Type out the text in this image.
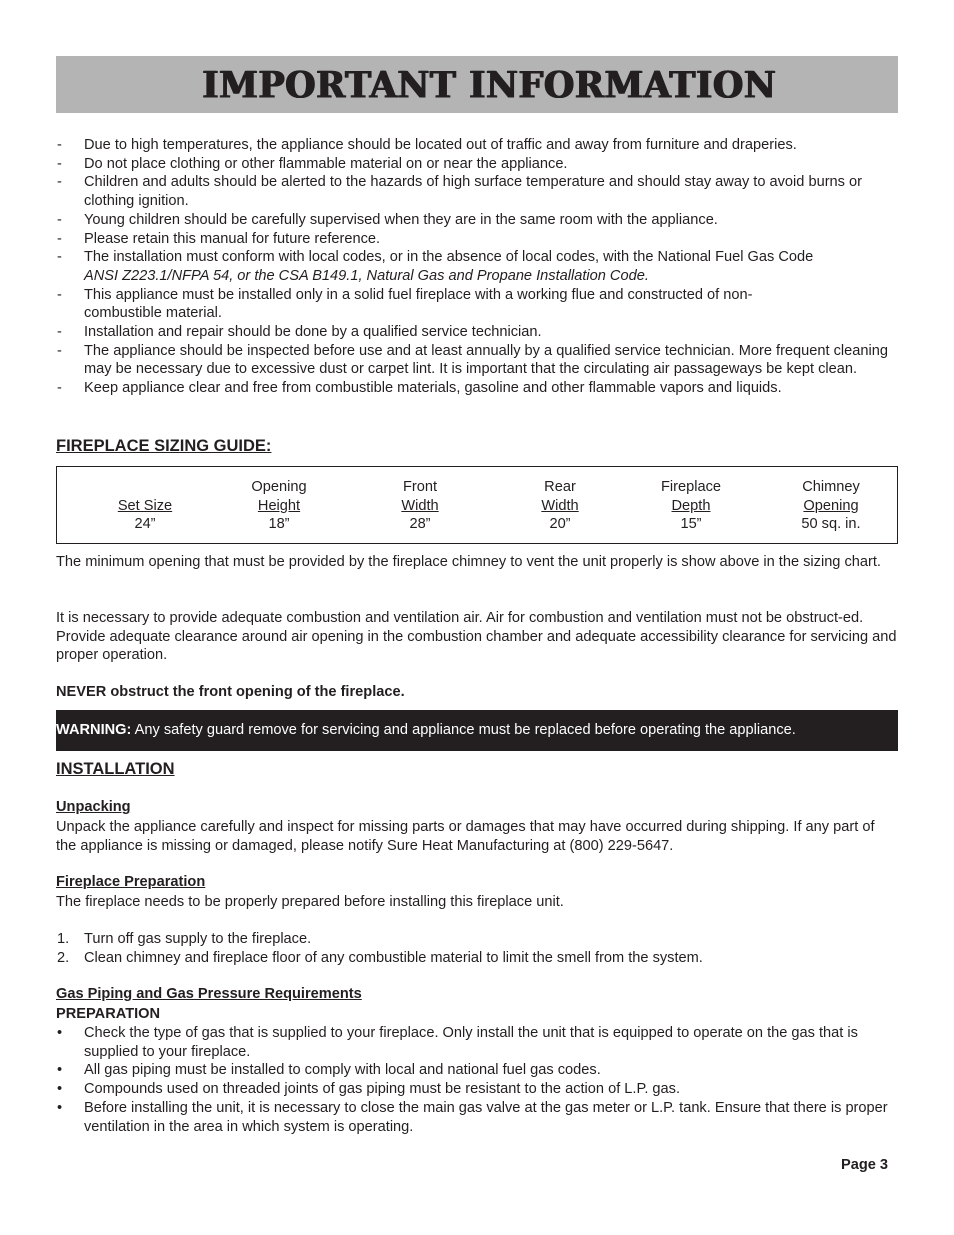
IMPORTANT INFORMATION
- Due to high temperatures, the appliance should be located out of traffic and away from furniture and draperies.
- Do not place clothing or other flammable material on or near the appliance.
- Children and adults should be alerted to the hazards of high surface temperature and should stay away to avoid burns or clothing ignition.
- Young children should be carefully supervised when they are in the same room with the appliance.
- Please retain this manual for future reference.
- The installation must conform with local codes, or in the absence of local codes, with the National Fuel Gas Code
ANSI Z223.1/NFPA 54, or the CSA B149.1, Natural Gas and Propane Installation Code.
- This appliance must be installed only in a solid fuel fireplace with a working flue and constructed of non-combustible material.
- Installation and repair should be done by a qualified service technician.
- The appliance should be inspected before use and at least annually by a qualified service technician. More frequent cleaning may be necessary due to excessive dust or carpet lint. It is important that the circulating air passageways be kept clean.
- Keep appliance clear and free from combustible materials, gasoline and other flammable vapors and liquids.
FIREPLACE SIZING GUIDE:
Set Size
24”
Opening
Height
18”
Front
Width
28”
Rear
Width
20”
Fireplace
Depth
15”
Chimney
Opening
50 sq. in.

The minimum opening that must be provided by the fireplace chimney to vent the unit properly is show above in the sizing chart.

It is necessary to provide adequate combustion and ventilation air. Air for combustion and ventilation must not be obstruct-ed. Provide adequate clearance around air opening in the combustion chamber and adequate accessibility clearance for servicing and proper operation.

NEVER obstruct the front opening of the fireplace.

WARNING: Any safety guard remove for servicing and appliance must be replaced before operating the appliance.
INSTALLATION
Unpacking

Unpack the appliance carefully and inspect for missing parts or damages that may have occurred during shipping. If any part of the appliance is missing or damaged, please notify Sure Heat Manufacturing at (800) 229-5647.

Fireplace Preparation

The fireplace needs to be properly prepared before installing this fireplace unit.

1. Turn off gas supply to the fireplace.
2. Clean chimney and fireplace floor of any combustible material to limit the smell from the system.
Gas Piping and Gas Pressure Requirements

PREPARATION

• Check the type of gas that is supplied to your fireplace. Only install the unit that is equipped to operate on the gas that is supplied to your fireplace.
• All gas piping must be installed to comply with local and national fuel gas codes.
• Compounds used on threaded joints of gas piping must be resistant to the action of L.P. gas.
• Before installing the unit, it is necessary to close the main gas valve at the gas meter or L.P. tank. Ensure that there is proper ventilation in the area in which system is operating.
Page 3
